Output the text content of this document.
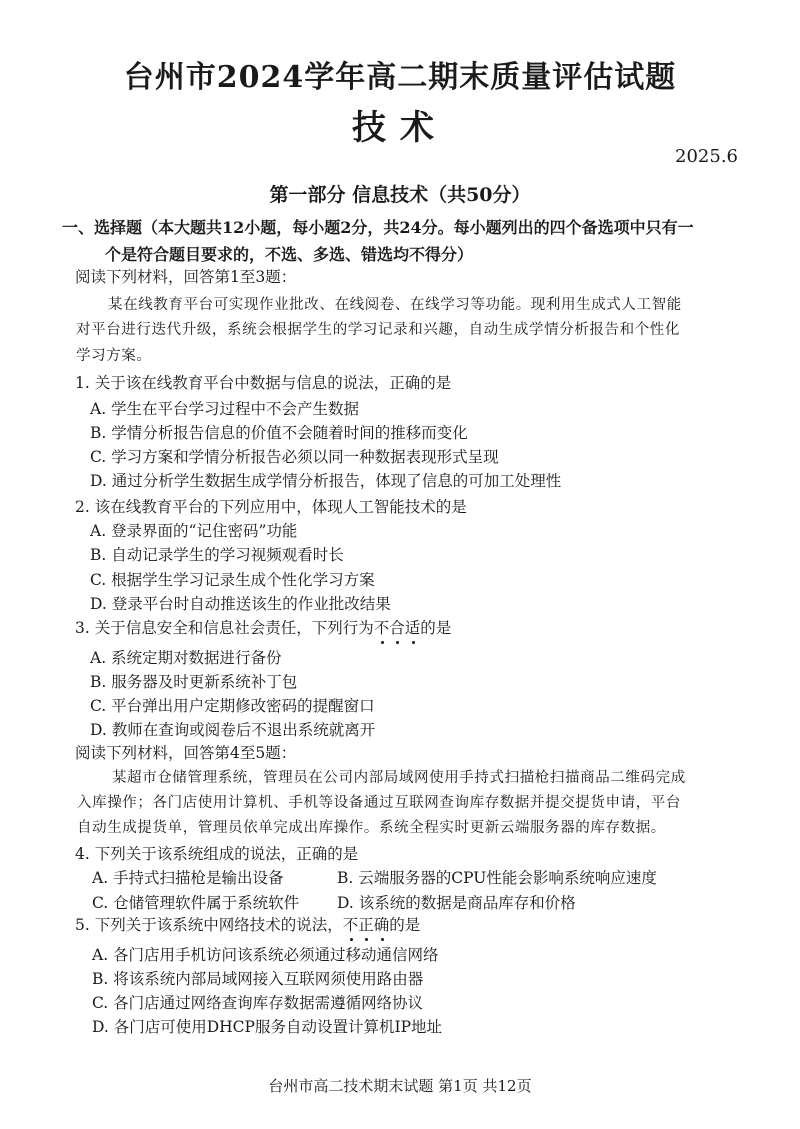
台州市2024学年高二期末质量评估试题
技术
2025.6
第一部分 信息技术（共50分）
一、选择题（本大题共12小题，每小题2分，共24分。每小题列出的四个备选项中只有一
个是符合题目要求的，不选、多选、错选均不得分）
阅读下列材料，回答第1至3题：
某在线教育平台可实现作业批改、在线阅卷、在线学习等功能。现利用生成式人工智能
对平台进行迭代升级，系统会根据学生的学习记录和兴趣，自动生成学情分析报告和个性化
学习方案。
1. 关于该在线教育平台中数据与信息的说法，正确的是
A. 学生在平台学习过程中不会产生数据
B. 学情分析报告信息的价值不会随着时间的推移而变化
C. 学习方案和学情分析报告必须以同一种数据表现形式呈现
D. 通过分析学生数据生成学情分析报告，体现了信息的可加工处理性
2. 该在线教育平台的下列应用中，体现人工智能技术的是
A. 登录界面的“记住密码”功能
B. 自动记录学生的学习视频观看时长
C. 根据学生学习记录生成个性化学习方案
D. 登录平台时自动推送该生的作业批改结果
3. 关于信息安全和信息社会责任，下列行为不合适的是
A. 系统定期对数据进行备份
B. 服务器及时更新系统补丁包
C. 平台弹出用户定期修改密码的提醒窗口
D. 教师在查询或阅卷后不退出系统就离开
阅读下列材料，回答第4至5题：
某超市仓储管理系统，管理员在公司内部局域网使用手持式扫描枪扫描商品二维码完成
入库操作；各门店使用计算机、手机等设备通过互联网查询库存数据并提交提货申请，平台
自动生成提货单，管理员依单完成出库操作。系统全程实时更新云端服务器的库存数据。
4. 下列关于该系统组成的说法，正确的是
A. 手持式扫描枪是输出设备	B. 云端服务器的CPU性能会影响系统响应速度
C. 仓储管理软件属于系统软件 D. 该系统的数据是商品库存和价格
5. 下列关于该系统中网络技术的说法，不正确的是
A. 各门店用手机访问该系统必须通过移动通信网络
B. 将该系统内部局域网接入互联网须使用路由器
C. 各门店通过网络查询库存数据需遵循网络协议
D. 各门店可使用DHCP服务自动设置计算机IP地址
台州市高二技术期末试题 第1页 共12页
